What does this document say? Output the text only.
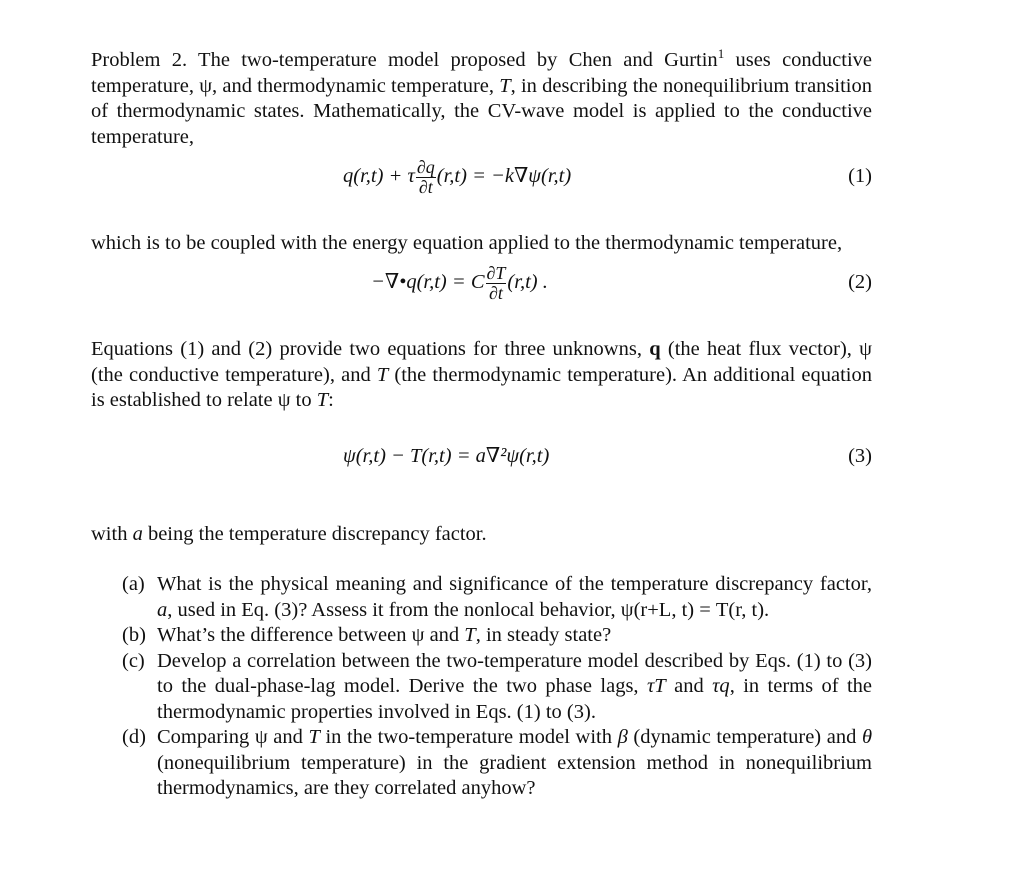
Problem 2. The two-temperature model proposed by Chen and Gurtin$^1$ uses conductive temperature, ψ, and thermodynamic temperature, T, in describing the nonequilibrium transition of thermodynamic states. Mathematically, the CV-wave model is applied to the conductive temperature,

q(r,t) + τ $\frac{\partial q}{\partial t} (r,t) = -k\nabla\psi(r,t)$	(1)

which is to be coupled with the energy equation applied to the thermodynamic temperature,

−∇•q(r,t) = C $\frac{\partial T}{\partial t} (r,t)$ .	(2)

Equations (1) and (2) provide two equations for three unknowns, q (the heat flux vector), ψ (the conductive temperature), and T (the thermodynamic temperature). An additional equation is established to relate ψ to T:

ψ(r,t) − T(r,t) = a∇²ψ(r,t)	(3)

with a being the temperature discrepancy factor.

(a) What is the physical meaning and significance of the temperature discrepancy factor, a, used in Eq. (3)? Assess it from the nonlocal behavior, ψ(r+L, t) = T(r, t).
(b) What’s the difference between ψ and T, in steady state?
(c) Develop a correlation between the two-temperature model described by Eqs. (1) to (3) to the dual-phase-lag model. Derive the two phase lags, τT and τq, in terms of the thermodynamic properties involved in Eqs. (1) to (3).
(d) Comparing ψ and T in the two-temperature model with β (dynamic temperature) and θ (nonequilibrium temperature) in the gradient extension method in nonequilibrium thermodynamics, are they correlated anyhow?
